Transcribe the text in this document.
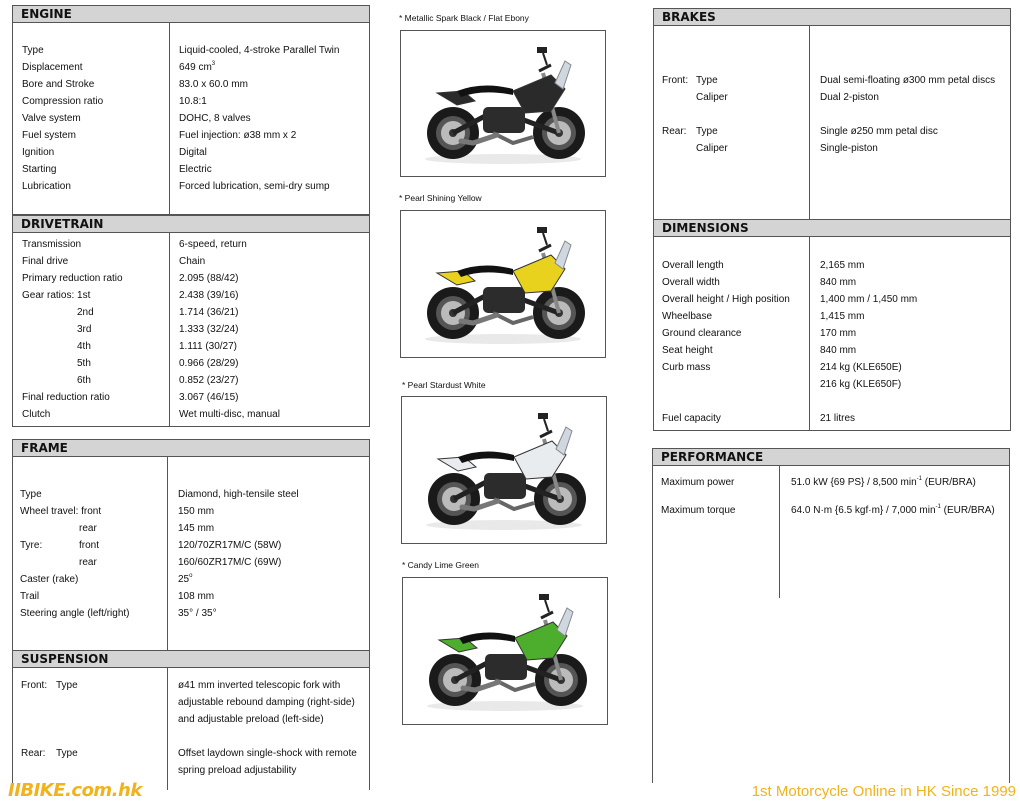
ENGINE
Type	Liquid-cooled, 4-stroke Parallel Twin
Displacement	649 $cm^3$
Bore and Stroke	83.0 x 60.0 mm
Compression ratio	10.8:1
Valve system	DOHC, 8 valves
Fuel system	Fuel injection: ø38 mm x 2
Ignition	Digital
Starting	Electric
Lubrication	Forced lubrication, semi-dry sump
DRIVETRAIN
Transmission	6-speed, return
Final drive	Chain
Primary reduction ratio	2.095 (88/42)
Gear ratios: 1st	2.438 (39/16)
2nd	1.714 (36/21)
3rd	1.333 (32/24)
4th	1.111 (30/27)
5th	0.966 (28/29)
6th	0.852 (23/27)
Final reduction ratio	3.067 (46/15)
Clutch	Wet multi-disc, manual
FRAME
Type	Diamond, high-tensile steel
Wheel travel: front	150 mm
rear	145 mm
Tyre:	front	120/70ZR17M/C (58W)
rear	160/60ZR17M/C (69W)
Caster (rake)	25$^o$
Trail	108 mm
Steering angle (left/right)	35° / 35°
SUSPENSION
Front: Type	ø41 mm inverted telescopic fork with
adjustable rebound damping (right-side)
and adjustable preload (left-side)
Rear: Type	Offset laydown single-shock with remote
spring preload adjustability
* Metallic Spark Black / Flat Ebony
* Pearl Shining Yellow
* Pearl Stardust White
* Candy Lime Green
BRAKES
Front: Type	Dual semi-floating ø300 mm petal discs
Caliper	Dual 2-piston
Rear: Type	Single ø250 mm petal disc
Caliper	Single-piston
DIMENSIONS
Overall length	2,165 mm
Overall width	840 mm
Overall height / High position	1,400 mm / 1,450 mm
Wheelbase	1,415 mm
Ground clearance	170 mm
Seat height	840 mm
Curb mass	214 kg (KLE650E)
216 kg (KLE650F)
Fuel capacity	21 litres
PERFORMANCE
Maximum power	51.0 kW {69 PS} / 8,500 $\min^{-1} (EUR/BRA)$
Maximum torque	64.0 N·m {6.5 kgf·m} / 7,000 $\min^{-1} (EUR/BRA)$
IIBIKE.com.hk	1st Motorcycle Online in HK Since 1999
